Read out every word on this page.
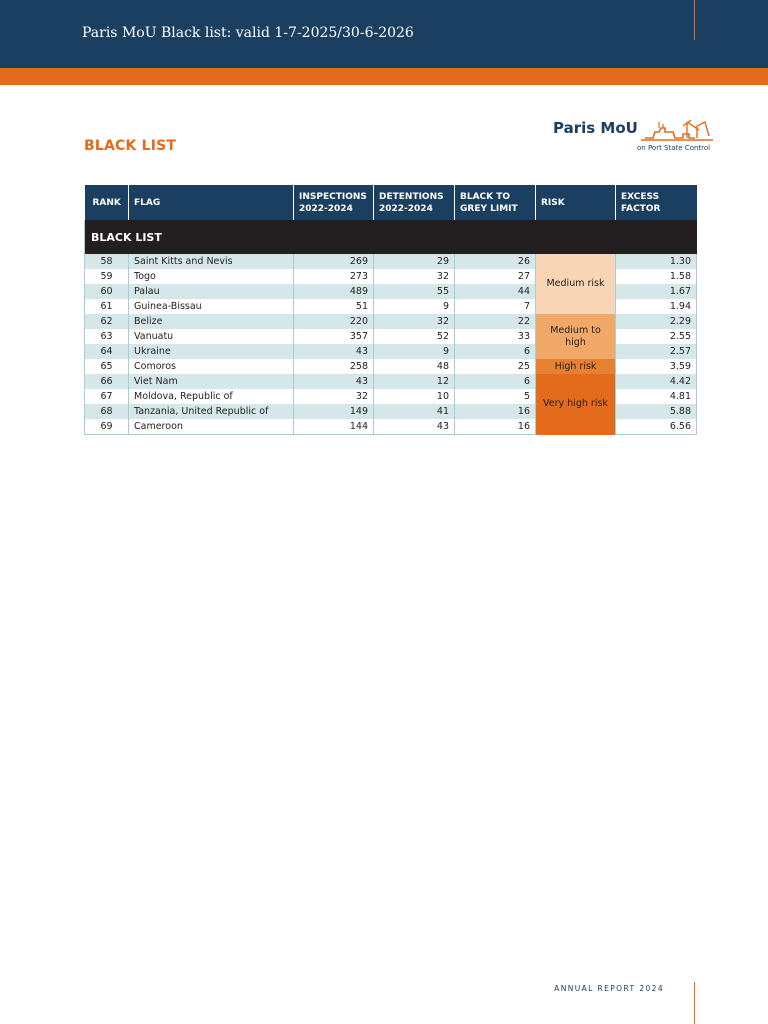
Paris MoU Black list: valid 1-7-2025/30-6-2026
BLACK LIST
Paris MoU
on Port State Control
RANK	FLAG	INSPECTIONS 2022-2024	DETENTIONS 2022-2024	BLACK TO GREY LIMIT	RISK	EXCESS FACTOR
BLACK LIST						
58	Saint Kitts and Nevis	269	29	26	Medium risk	1.30
59	Togo	273	32	27		1.58
60	Palau	489	55	44		1.67
61	Guinea-Bissau	51	9	7		1.94
62	Belize	220	32	22	Medium to high	2.29
63	Vanuatu	357	52	33		2.55
64	Ukraine	43	9	6		2.57
65	Comoros	258	48	25	High risk	3.59
66	Viet Nam	43	12	6	Very high risk	4.42
67	Moldova, Republic of	32	10	5		4.81
68	Tanzania, United Republic of	149	41	16		5.88
69	Cameroon	144	43	16		6.56
ANNUAL REPORT 2024
